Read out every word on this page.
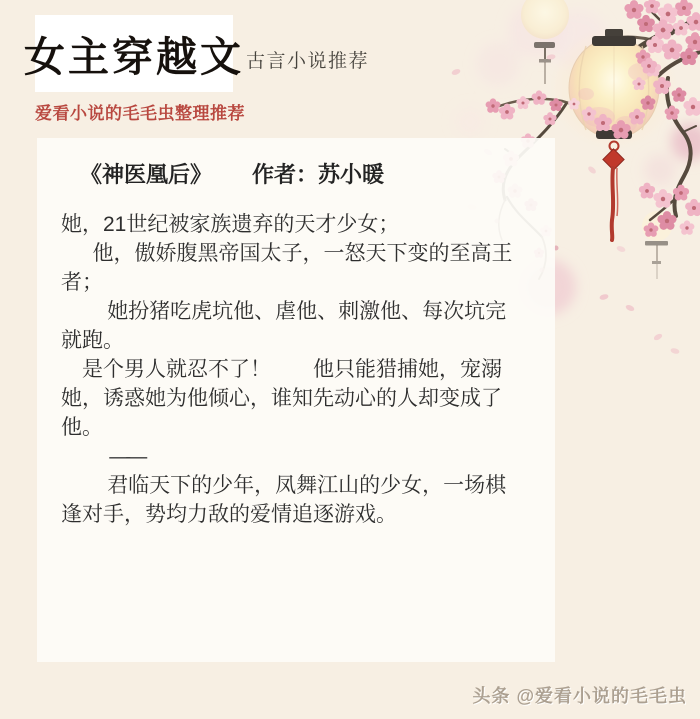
女主穿越文 古言小说推荐
爱看小说的毛毛虫整理推荐
《神医凰后》 作者：苏小暖

她，21世纪被家族遗弃的天才少女；

他，傲娇腹黑帝国太子，一怒天下变的至高王者；

她扮猪吃虎坑他、虐他、刺激他、每次坑完就跑。

是个男人就忍不了！　　他只能猎捕她，宠溺她，诱惑她为他倾心，谁知先动心的人却变成了他。

——

君临天下的少年，凤舞江山的少女，一场棋逢对手，势均力敌的爱情追逐游戏。

头条 @爱看小说的毛毛虫
